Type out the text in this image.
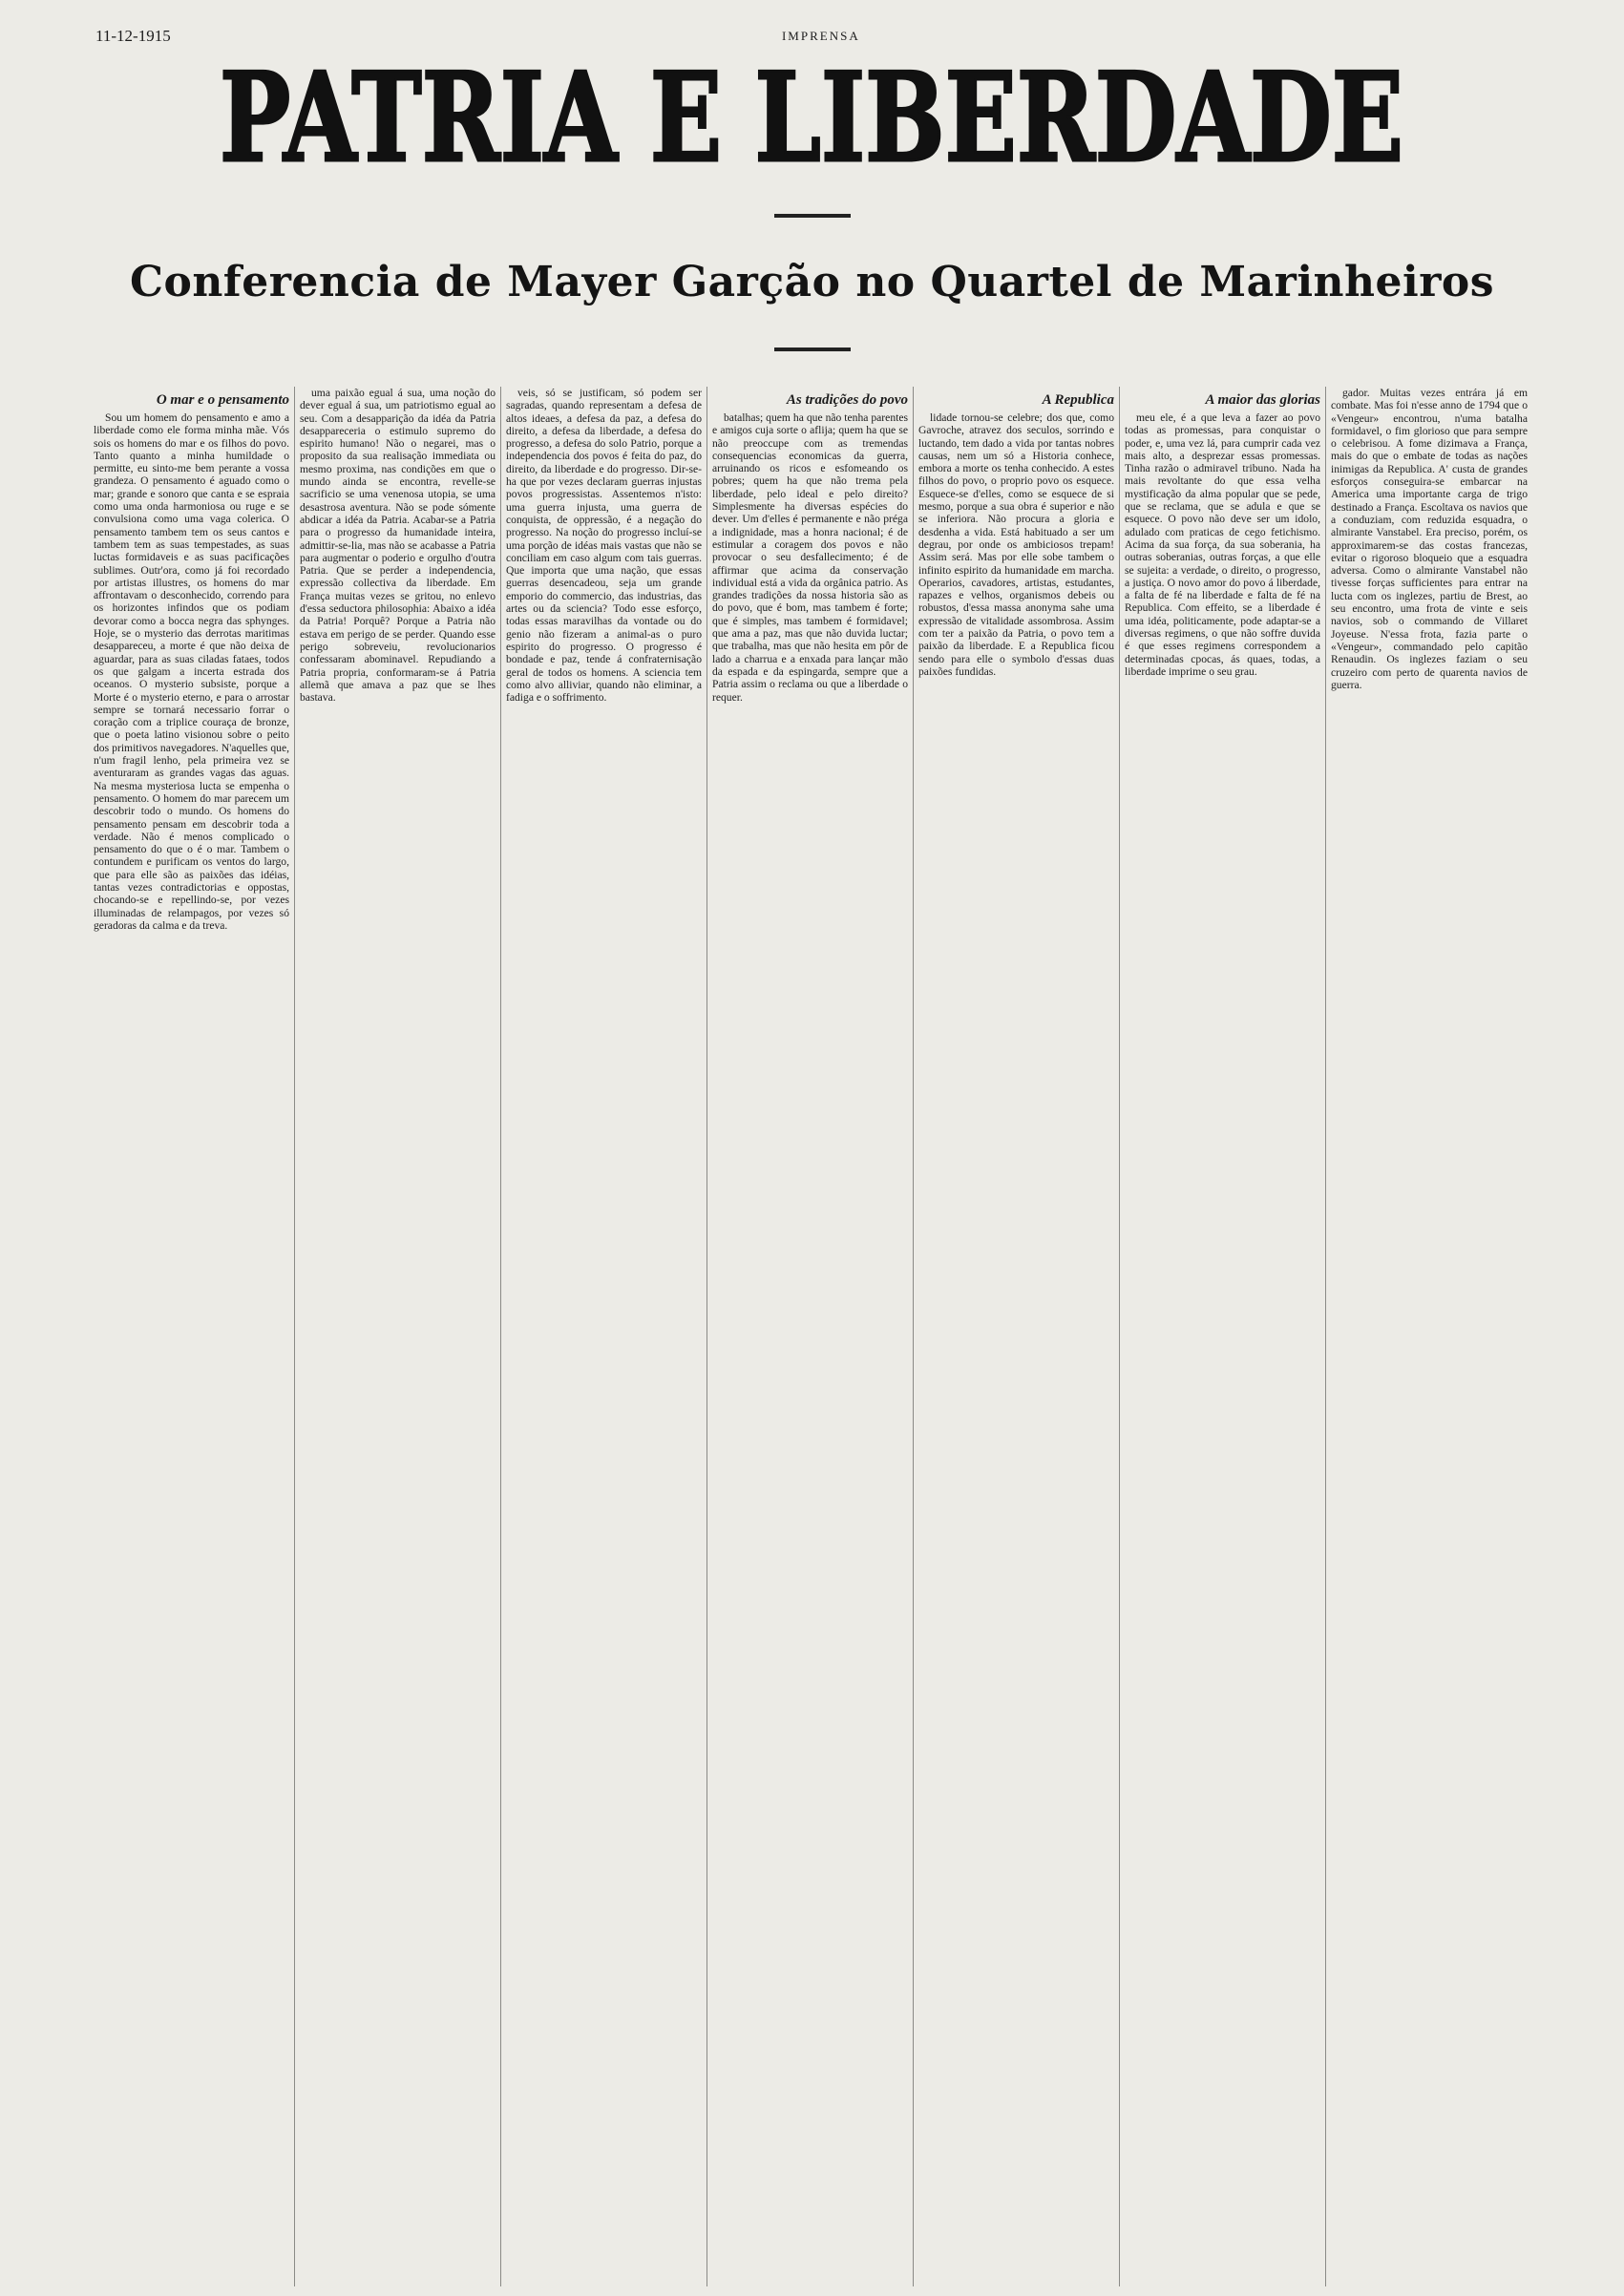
11-12-1915	IMPRENSA
PATRIA E LIBERDADE
Conferencia de Mayer Garção no Quartel de Marinheiros
O mar e o pensamento

Sou um homem do pensamento e amo a liberdade como ele forma minha mãe. Vós sois os homens do mar e os filhos do povo. Tanto quanto a minha humildade o permitte, eu sinto-me bem perante a vossa grandeza. O pensamento é aguado como o mar; grande e sonoro que canta e se espraia como uma onda harmoniosa ou ruge e se convulsiona como uma vaga colerica. O pensamento tambem tem os seus cantos e tambem tem as suas tempestades, as suas luctas formidaveis e as suas pacificações sublimes. Outr'ora, como já foi recordado por artistas illustres, os homens do mar affrontavam o desconhecido, correndo para os horizontes infindos que os podiam devorar como a bocca negra das sphynges. Hoje, se o mysterio das derrotas maritimas desappareceu, a morte é que não deixa de aguardar, para as suas ciladas fataes, todos os que galgam a incerta estrada dos oceanos. O mysterio subsiste, porque a Morte é o mysterio eterno, e para o arrostar sempre se tornará necessario forrar o coração com a triplice couraça de bronze, que o poeta latino visionou sobre o peito dos primitivos navegadores. N'aquelles que, n'um fragil lenho, pela primeira vez se aventuraram as grandes vagas das aguas. Na mesma mysteriosa lucta se empenha o pensamento. O homem do mar parecem um descobrir todo o mundo. Os homens do pensamento pensam em descobrir toda a verdade. Não é menos complicado o pensamento do que o é o mar. Tambem o contundem e purificam os ventos do largo, que para elle são as paixões das idéias, tantas vezes contradictorias e oppostas, chocando-se e repellindo-se, por vezes illuminadas de relampagos, por vezes só geradoras da calma e da treva.

uma paixão egual á sua, uma noção do dever egual á sua, um patriotismo egual ao seu. Com a desapparição da idéa da Patria desappareceria o estimulo supremo do espirito humano! Não o negarei, mas o proposito da sua realisação immediata ou mesmo proxima, nas condições em que o mundo ainda se encontra, revelle-se sacrificio se uma venenosa utopia, se uma desastrosa aventura. Não se pode sómente abdicar a idéa da Patria. Acabar-se a Patria para o progresso da humanidade inteira, admittir-se-lia, mas não se acabasse a Patria para augmentar o poderio e orgulho d'outra Patria. Que se perder a independencia, expressão collectiva da liberdade. Em França muitas vezes se gritou, no enlevo d'essa seductora philosophia: Abaixo a idéa da Patria! Porquê? Porque a Patria não estava em perigo de se perder. Quando esse perigo sobreveiu, revolucionarios confessaram abominavel. Repudiando a Patria propria, conformaram-se á Patria allemã que amava a paz que se lhes bastava.

veis, só se justificam, só podem ser sagradas, quando representam a defesa de altos ideaes, a defesa da paz, a defesa do direito, a defesa da liberdade, a defesa do progresso, a defesa do solo Patrio, porque a independencia dos povos é feita do paz, do direito, da liberdade e do progresso. Dir-se-ha que por vezes declaram guerras injustas povos progressistas. Assentemos n'isto: uma guerra injusta, uma guerra de conquista, de oppressão, é a negação do progresso. Na noção do progresso incluí-se uma porção de idéas mais vastas que não se conciliam em caso algum com tais guerras. Que importa que uma nação, que essas guerras desencadeou, seja um grande emporio do commercio, das industrias, das artes ou da sciencia? Todo esse esforço, todas essas maravilhas da vontade ou do genio não fizeram a animal-as o puro espirito do progresso. O progresso é bondade e paz, tende á confraternisação geral de todos os homens. A sciencia tem como alvo alliviar, quando não eliminar, a fadiga e o soffrimento.

As tradições do povo

batalhas; quem ha que não tenha parentes e amigos cuja sorte o aflija; quem ha que se não preoccupe com as tremendas consequencias economicas da guerra, arruinando os ricos e esfomeando os pobres; quem ha que não trema pela liberdade, pelo ideal e pelo direito? Simplesmente ha diversas espécies do dever. Um d'elles é permanente e não préga a indignidade, mas a honra nacional; é de estimular a coragem dos povos e não provocar o seu desfallecimento; é de affirmar que acima da conservação individual está a vida da orgânica patrio. As grandes tradições da nossa historia são as do povo, que é bom, mas tambem é forte; que é simples, mas tambem é formidavel; que ama a paz, mas que não duvida luctar; que trabalha, mas que não hesita em pôr de lado a charrua e a enxada para lançar mão da espada e da espingarda, sempre que a Patria assim o reclama ou que a liberdade o requer.

A Republica

lidade tornou-se celebre; dos que, como Gavroche, atravez dos seculos, sorrindo e luctando, tem dado a vida por tantas nobres causas, nem um só a Historia conhece, embora a morte os tenha conhecido. A estes filhos do povo, o proprio povo os esquece. Esquece-se d'elles, como se esquece de si mesmo, porque a sua obra é superior e não se inferiora. Não procura a gloria e desdenha a vida. Está habituado a ser um degrau, por onde os ambiciosos trepam! Assim será. Mas por elle sobe tambem o infinito espirito da humanidade em marcha. Operarios, cavadores, artistas, estudantes, rapazes e velhos, organismos debeis ou robustos, d'essa massa anonyma sahe uma expressão de vitalidade assombrosa. Assim com ter a paixão da Patria, o povo tem a paixão da liberdade. E a Republica ficou sendo para elle o symbolo d'essas duas paixões fundidas.

A maior das glorias

meu ele, é a que leva a fazer ao povo todas as promessas, para conquistar o poder, e, uma vez lá, para cumprir cada vez mais alto, a desprezar essas promessas. Tinha razão o admiravel tribuno. Nada ha mais revoltante do que essa velha mystificação da alma popular que se pede, que se reclama, que se adula e que se esquece. O povo não deve ser um idolo, adulado com praticas de cego fetichismo. Acima da sua força, da sua soberania, ha outras soberanias, outras forças, a que elle se sujeita: a verdade, o direito, o progresso, a justiça. O novo amor do povo á liberdade, a falta de fé na liberdade e falta de fé na Republica. Com effeito, se a liberdade é uma idéa, politicamente, pode adaptar-se a diversas regimens, o que não soffre duvida é que esses regimens correspondem a determinadas cpocas, ás quaes, todas, a liberdade imprime o seu grau.

gador. Muitas vezes entrára já em combate. Mas foi n'esse anno de 1794 que o «Vengeur» encontrou, n'uma batalha formidavel, o fim glorioso que para sempre o celebrisou. A fome dizimava a França, mais do que o embate de todas as nações inimigas da Republica. A' custa de grandes esforços conseguira-se embarcar na America uma importante carga de trigo destinado a França. Escoltava os navios que a conduziam, com reduzida esquadra, o almirante Vanstabel. Era preciso, porém, os approximarem-se das costas francezas, evitar o rigoroso bloqueio que a esquadra adversa. Como o almirante Vanstabel não tivesse forças sufficientes para entrar na lucta com os inglezes, partiu de Brest, ao seu encontro, uma frota de vinte e seis navios, sob o commando de Villaret Joyeuse. N'essa frota, fazia parte o «Vengeur», commandado pelo capitão Renaudin. Os inglezes faziam o seu cruzeiro com perto de quarenta navios de guerra.
